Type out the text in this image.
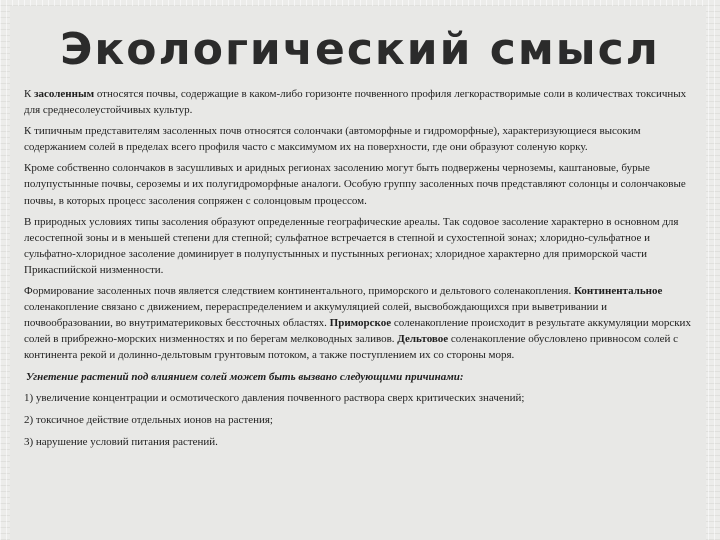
Экологический смысл

К засоленным относятся почвы, содержащие в каком-либо горизонте почвенного профиля легкорастворимые соли в количествах токсичных для среднесолеустойчивых культур.

К типичным представителям засоленных почв относятся солончаки (автоморфные и гидроморфные), характеризующиеся высоким содержанием солей в пределах всего профиля часто с максимумом их на поверхности, где они образуют соленую корку.

Кроме собственно солончаков в засушливых и аридных регионах засолению могут быть подвержены черноземы, каштановые, бурые полупустынные почвы, сероземы и их полугидроморфные аналоги. Особую группу засоленных почв представляют солонцы и солончаковые почвы, в которых процесс засоления сопряжен с солонцовым процессом.

В природных условиях типы засоления образуют определенные географические ареалы. Так содовое засоление характерно в основном для лесостепной зоны и в меньшей степени для степной; сульфатное встречается в степной и сухостепной зонах; хлоридно-сульфатное и сульфатно-хлоридное засоление доминирует в полупустынных и пустынных регионах; хлоридное характерно для приморской части Прикаспийской низменности.

Формирование засоленных почв является следствием континентального, приморского и дельтового соленакопления. Континентальное соленакопление связано с движением, перераспределением и аккумуляцией солей, высвобождающихся при выветривании и почвообразовании, во внутриматериковых бессточных областях. Приморское соленакопление происходит в результате аккумуляции морских солей в прибрежно-морских низменностях и по берегам мелководных заливов. Дельтовое соленакопление обусловлено привносом солей с континента рекой и долинно-дельтовым грунтовым потоком, а также поступлением их со стороны моря.

Угнетение растений под влиянием солей может быть вызвано следующими причинами:

1) увеличение концентрации и осмотического давления почвенного раствора сверх критических значений;

2) токсичное действие отдельных ионов на растения;

3) нарушение условий питания растений.
